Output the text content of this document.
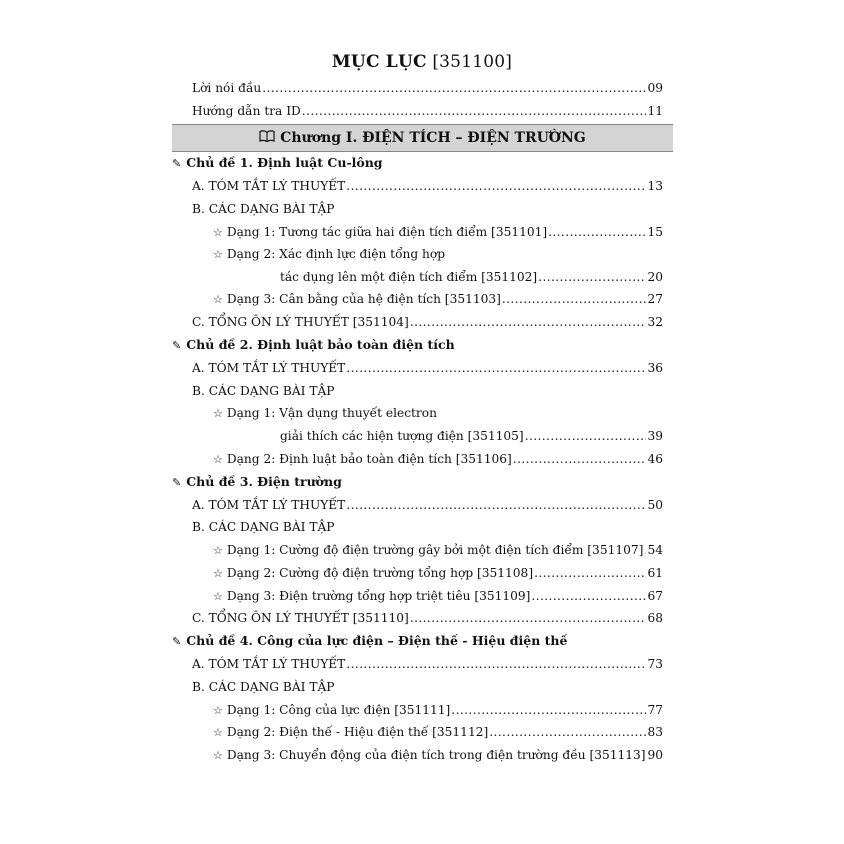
MỤC LỤC [351100]
Lời nói đầu .....	09
Hướng dẫn tra ID .....	11
Chương I. ĐIỆN TÍCH – ĐIỆN TRƯỜNG
✎ Chủ đề 1. Định luật Cu-lông
A. TÓM TẮT LÝ THUYẾT .....	13
B. CÁC DẠNG BÀI TẬP
☆ Dạng 1: Tương tác giữa hai điện tích điểm [351101] .....	15
☆ Dạng 2: Xác định lực điện tổng hợp
tác dụng lên một điện tích điểm [351102] .....	20
☆ Dạng 3: Cân bằng của hệ điện tích [351103] .....	27
C. TỔNG ÔN LÝ THUYẾT [351104] .....	32
✎ Chủ đề 2. Định luật bảo toàn điện tích
A. TÓM TẮT LÝ THUYẾT .....	36
B. CÁC DẠNG BÀI TẬP
☆ Dạng 1: Vận dụng thuyết electron
giải thích các hiện tượng điện [351105] .....	39
☆ Dạng 2: Định luật bảo toàn điện tích [351106] .....	46
✎ Chủ đề 3. Điện trường
A. TÓM TẮT LÝ THUYẾT .....	50
B. CÁC DẠNG BÀI TẬP
☆ Dạng 1: Cường độ điện trường gây bởi một điện tích điểm [351107] ..... 54
☆ Dạng 2: Cường độ điện trường tổng hợp [351108] .....	61
☆ Dạng 3: Điện trường tổng hợp triệt tiêu [351109] .....	67
C. TỔNG ÔN LÝ THUYẾT [351110] .....	68
✎ Chủ đề 4. Công của lực điện – Điện thế - Hiệu điện thế
A. TÓM TẮT LÝ THUYẾT .....	73
B. CÁC DẠNG BÀI TẬP
☆ Dạng 1: Công của lực điện [351111] .....	77
☆ Dạng 2: Điện thế - Hiệu điện thế [351112] .....	83
☆ Dạng 3: Chuyển động của điện tích trong điện trường đều [351113] 90
